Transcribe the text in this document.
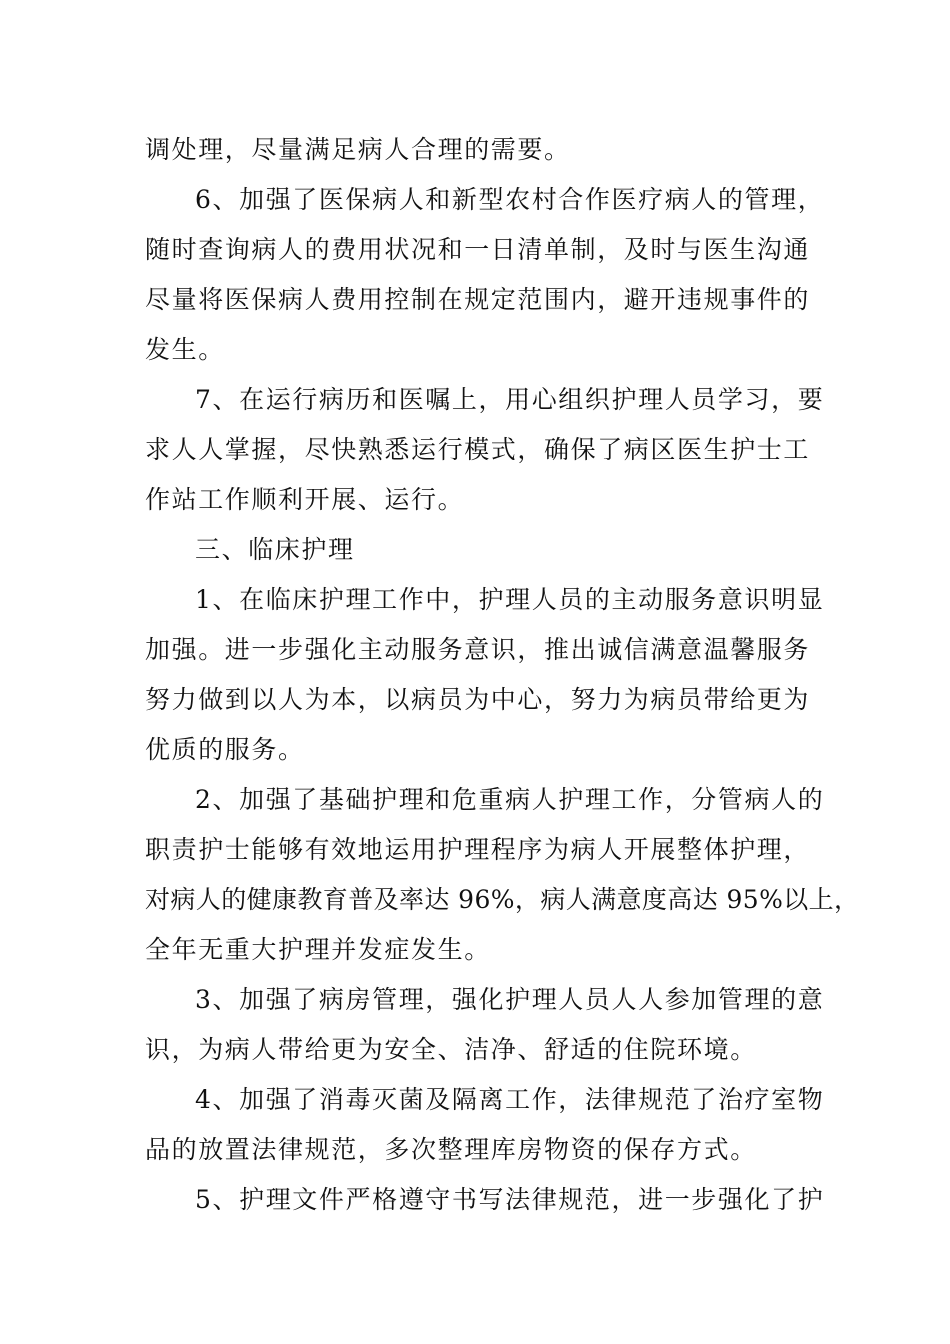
调处理，尽量满足病人合理的需要。
6、加强了医保病人和新型农村合作医疗病人的管理，
随时查询病人的费用状况和一日清单制，及时与医生沟通
尽量将医保病人费用控制在规定范围内，避开违规事件的
发生。
7、在运行病历和医嘱上，用心组织护理人员学习，要
求人人掌握，尽快熟悉运行模式，确保了病区医生护士工
作站工作顺利开展、运行。
三、临床护理
1、在临床护理工作中，护理人员的主动服务意识明显
加强。进一步强化主动服务意识，推出诚信满意温馨服务
努力做到以人为本，以病员为中心，努力为病员带给更为
优质的服务。
2、加强了基础护理和危重病人护理工作，分管病人的
职责护士能够有效地运用护理程序为病人开展整体护理，
对病人的健康教育普及率达 96%，病人满意度高达 95%以上，
全年无重大护理并发症发生。
3、加强了病房管理，强化护理人员人人参加管理的意
识，为病人带给更为安全、洁净、舒适的住院环境。
4、加强了消毒灭菌及隔离工作，法律规范了治疗室物
品的放置法律规范，多次整理库房物资的保存方式。
5、护理文件严格遵守书写法律规范，进一步强化了护
